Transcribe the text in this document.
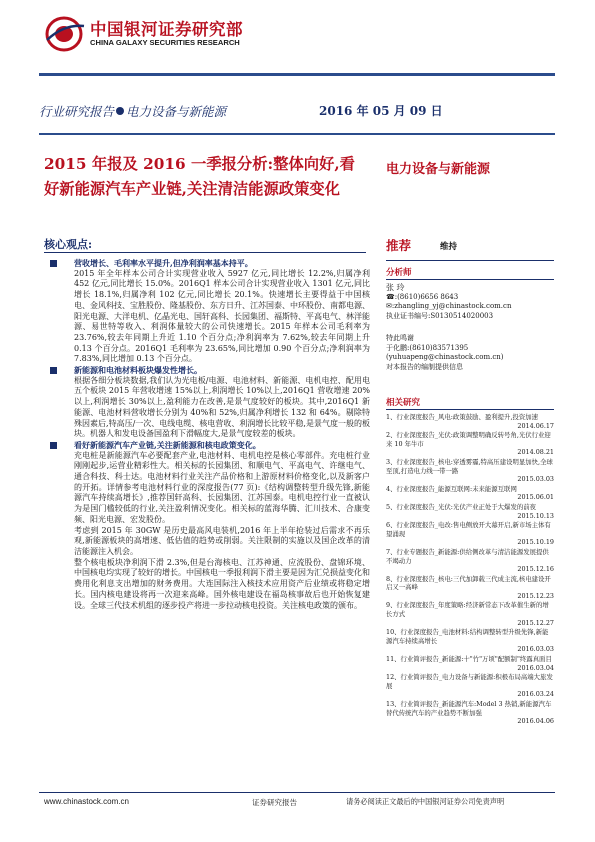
中国银河证券研究部
CHINA GALAXY SECURITIES RESEARCH
行业研究报告 电力设备与新能源	2016 年 05 月 09 日
2015 年报及 2016 一季报分析:整体向好,看好新能源汽车产业链,关注清洁能源政策变化
电力设备与新能源
核心观点:
营收增长、毛利率水平提升,但净利润率基本持平。
2015 年全年样本公司合计实现营业收入 5927 亿元,同比增长 12.2%,归属净利 452 亿元,同比增长 15.0%。2016Q1 样本公司合计实现营业收入 1301 亿元,同比增长 18.1%,归属净利 102 亿元,同比增长 20.1%。快速增长主要得益于中国核电、金风科技、宝胜股份、隆基股份、东方日升、江苏国泰、中环股份、南都电源、阳光电源、大洋电机、亿晶光电、国轩高科、长园集团、福斯特、平高电气、林洋能源、易世特等收入、利润体量较大的公司快速增长。2015 年样本公司毛利率为 23.76%,较去年同期上升近 1.10 个百分点;净利润率为 7.62%,较去年同期上升 0.13 个百分点。2016Q1 毛利率为 23.65%,同比增加 0.90 个百分点;净利润率为 7.83%,同比增加 0.13 个百分点。
新能源和电池材料板块爆发性增长。
根据各细分板块数据,我们认为光电板/电源、电池材料、新能源、电机电控、配用电五个板块 2015 年营收增速 15%以上,利润增长 10%以上,2016Q1 营收增速 20%以上,利润增长 30%以上,盈利能力在改善,是景气度较好的板块。其中,2016Q1 新能源、电池材料营收增长分别为 40%和 52%,归属净利增长 132 和 64%。剔除特殊因素后,特高压/一次、电线电缆、核电营收、利润增长比较平稳,是景气度一般的板块。机器人和发电设备国盈利下滑幅度大,是景气度较差的板块。
看好新能源汽车产业链,关注新能源和核电政策变化。
充电桩是新能源汽车必要配套产业,电池材料、电机电控是核心零部件。充电桩行业刚刚起步,运营业精彩性大。相关标的长园集团、和顺电气、平高电气、许继电气、通合科技、科士达。电池材料行业关注产品价格和上游原材料价格变化,以及新客户的开拓。详情参考电池材料行业的深度报告(77 页):《结构调整转型升级先锋,新能源汽车持续高增长》,推荐国轩高科、长园集团、江苏国泰。电机电控行业一直被认为是国门槛较低的行业,关注盈利情况变化。相关标的蓝海华腾、汇川技术、合康变频、阳光电源、宏发股份。
考虑到 2015 年 30GW 是历史最高风电装机,2016 年上半年抢装过后需求不再乐观,新能源板块的高增速、低估值的趋势或削弱。关注限制的实施以及国企改革的清洁能源注入机会。
整个核电板块净利润下滑 2.3%,但是台海核电、江苏神通、应流股份、盘锦环境、中国核电均实现了较好的增长。中国核电一季报利润下滑主要是因为汇兑损益变化和费用化利息支出增加的财务费用。大连国际注入核技术应用资产后业绩或将稳定增长。国内核电建设将再一次迎来高峰。国外核电建设在福岛核事故后也开始恢复建设。全球三代技术机组的逐步投产将进一步拉动核电投资。关注核电政策的颁布。
推荐	维持
分析师
张 玲
☎:(8610)6656 8643
✉:zhangling_yj@chinastock.com.cn
执业证书编号:S0130514020003
特此鸣谢
于化鹏:(8610)83571395
(yuhuapeng@chinastock.com.cn)
对本报告的编制提供信息
相关研究
1、行业深度报告_风电:政策鼓励、盈利提升,投资加速
2014.06.17
2、行业深度报告_光伏:政策调整明确反转号角,光伏行业迎来 10 年牛市
2014.08.21
3、行业深度报告_核电:穿透雾霾,特高压建设明显加快,全球至顶,打造电力线一带一路
2015.03.03
4、行业深度报告_能源互联网:未来能源互联网
2015.06.01
5、行业深度报告_光伏:光伏产业正处于大爆发的前夜
2015.10.13
6、行业深度报告_电改:售电侧放开大幕开启,新市场主体有望涌现
2015.10.19
7、行业专题报告_新能源:供给侧改革与清洁能源发展提供不竭动力
2015.12.16
8、行业深度报告_核电:三代加卸载三代成主流,核电建设开启又一高峰
2015.12.23
9、行业深度报告_年度策略:经济新常态下改革催生新的增长方式
2015.12.27
10、行业深度报告_电池材料:结构调整转型升级先锋,新能源汽车持续高增长
2016.03.03
11、行业简评报告_新能源:十"竹"万顷"配额制"终露真面目
2016.03.04
12、行业简评报告_电力设备与新能源:积极布局高端大旅发展
2016.03.24
13、行业简评报告_新能源汽车:Model 3 热销,新能源汽车替代传统汽车的产业趋势不断加强
2016.04.06
www.chinastock.com.cn	证券研究报告	请务必阅读正文最后的中国银河证券公司免责声明
